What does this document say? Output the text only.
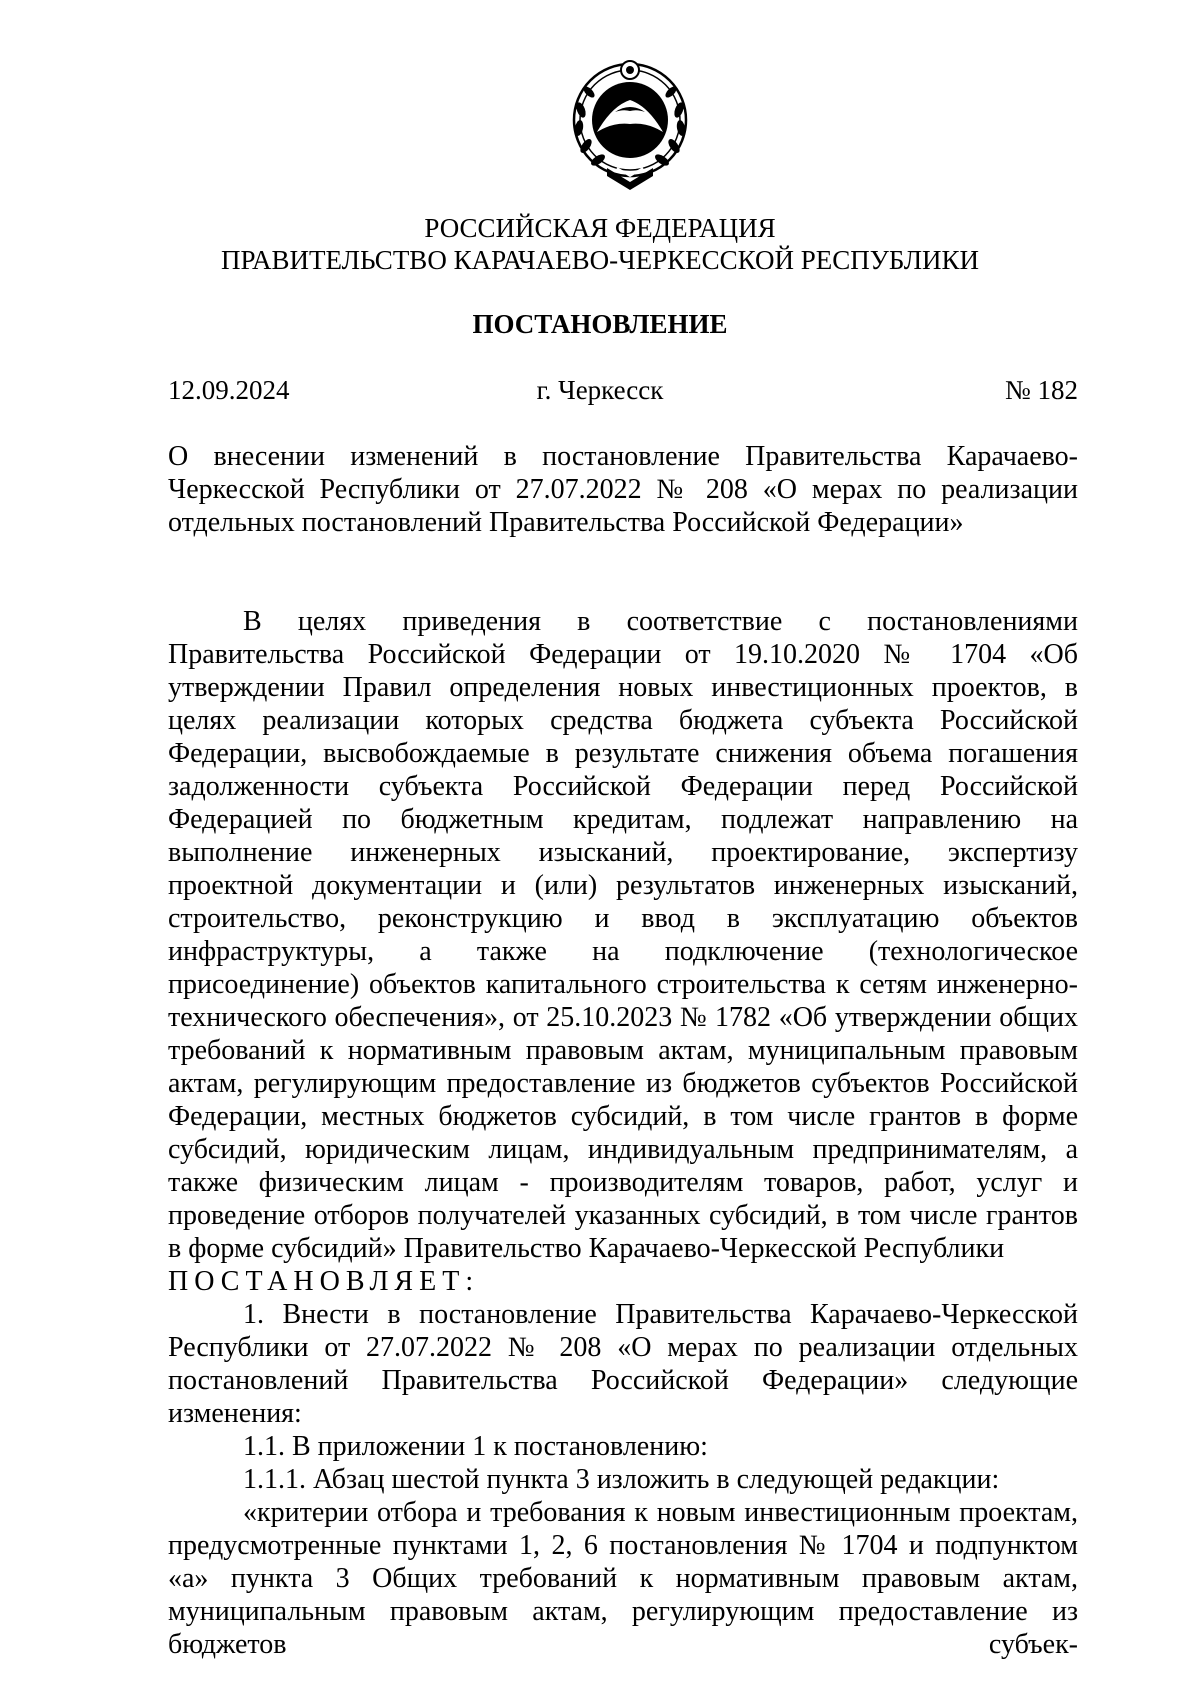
РОССИЙСКАЯ ФЕДЕРАЦИЯ
ПРАВИТЕЛЬСТВО КАРАЧАЕВО-ЧЕРКЕССКОЙ РЕСПУБЛИКИ
ПОСТАНОВЛЕНИЕ
12.09.2024	г. Черкесск	№ 182

О внесении изменений в постановление Правительства Карачаево-Черкесской Республики от 27.07.2022 № 208 «О мерах по реализации отдельных постановлений Правительства Российской Федерации»

В целях приведения в соответствие с постановлениями Правительства Российской Федерации от 19.10.2020 № 1704 «Об утверждении Правил определения новых инвестиционных проектов, в целях реализации которых средства бюджета субъекта Российской Федерации, высвобождаемые в результате снижения объема погашения задолженности субъекта Российской Федерации перед Российской Федерацией по бюджетным кредитам, подлежат направлению на выполнение инженерных изысканий, проектирование, экспертизу проектной документации и (или) результатов инженерных изысканий, строительство, реконструкцию и ввод в эксплуатацию объектов инфраструктуры, а также на подключение (технологическое присоединение) объектов капитального строительства к сетям инженерно-технического обеспечения», от 25.10.2023 № 1782 «Об утверждении общих требований к нормативным правовым актам, муниципальным правовым актам, регулирующим предоставление из бюджетов субъектов Российской Федерации, местных бюджетов субсидий, в том числе грантов в форме субсидий, юридическим лицам, индивидуальным предпринимателям, а также физическим лицам - производителям товаров, работ, услуг и проведение отборов получателей указанных субсидий, в том числе грантов в форме субсидий» Правительство Карачаево-Черкесской Республики

ПОСТАНОВЛЯЕТ:

1. Внести в постановление Правительства Карачаево-Черкесской Республики от 27.07.2022 № 208 «О мерах по реализации отдельных постановлений Правительства Российской Федерации» следующие изменения:

1.1. В приложении 1 к постановлению:

1.1.1. Абзац шестой пункта 3 изложить в следующей редакции:

«критерии отбора и требования к новым инвестиционным проектам, предусмотренные пунктами 1, 2, 6 постановления № 1704 и подпунктом «а» пункта 3 Общих требований к нормативным правовым актам, муниципальным правовым актам, регулирующим предоставление из бюджетов субъек-
